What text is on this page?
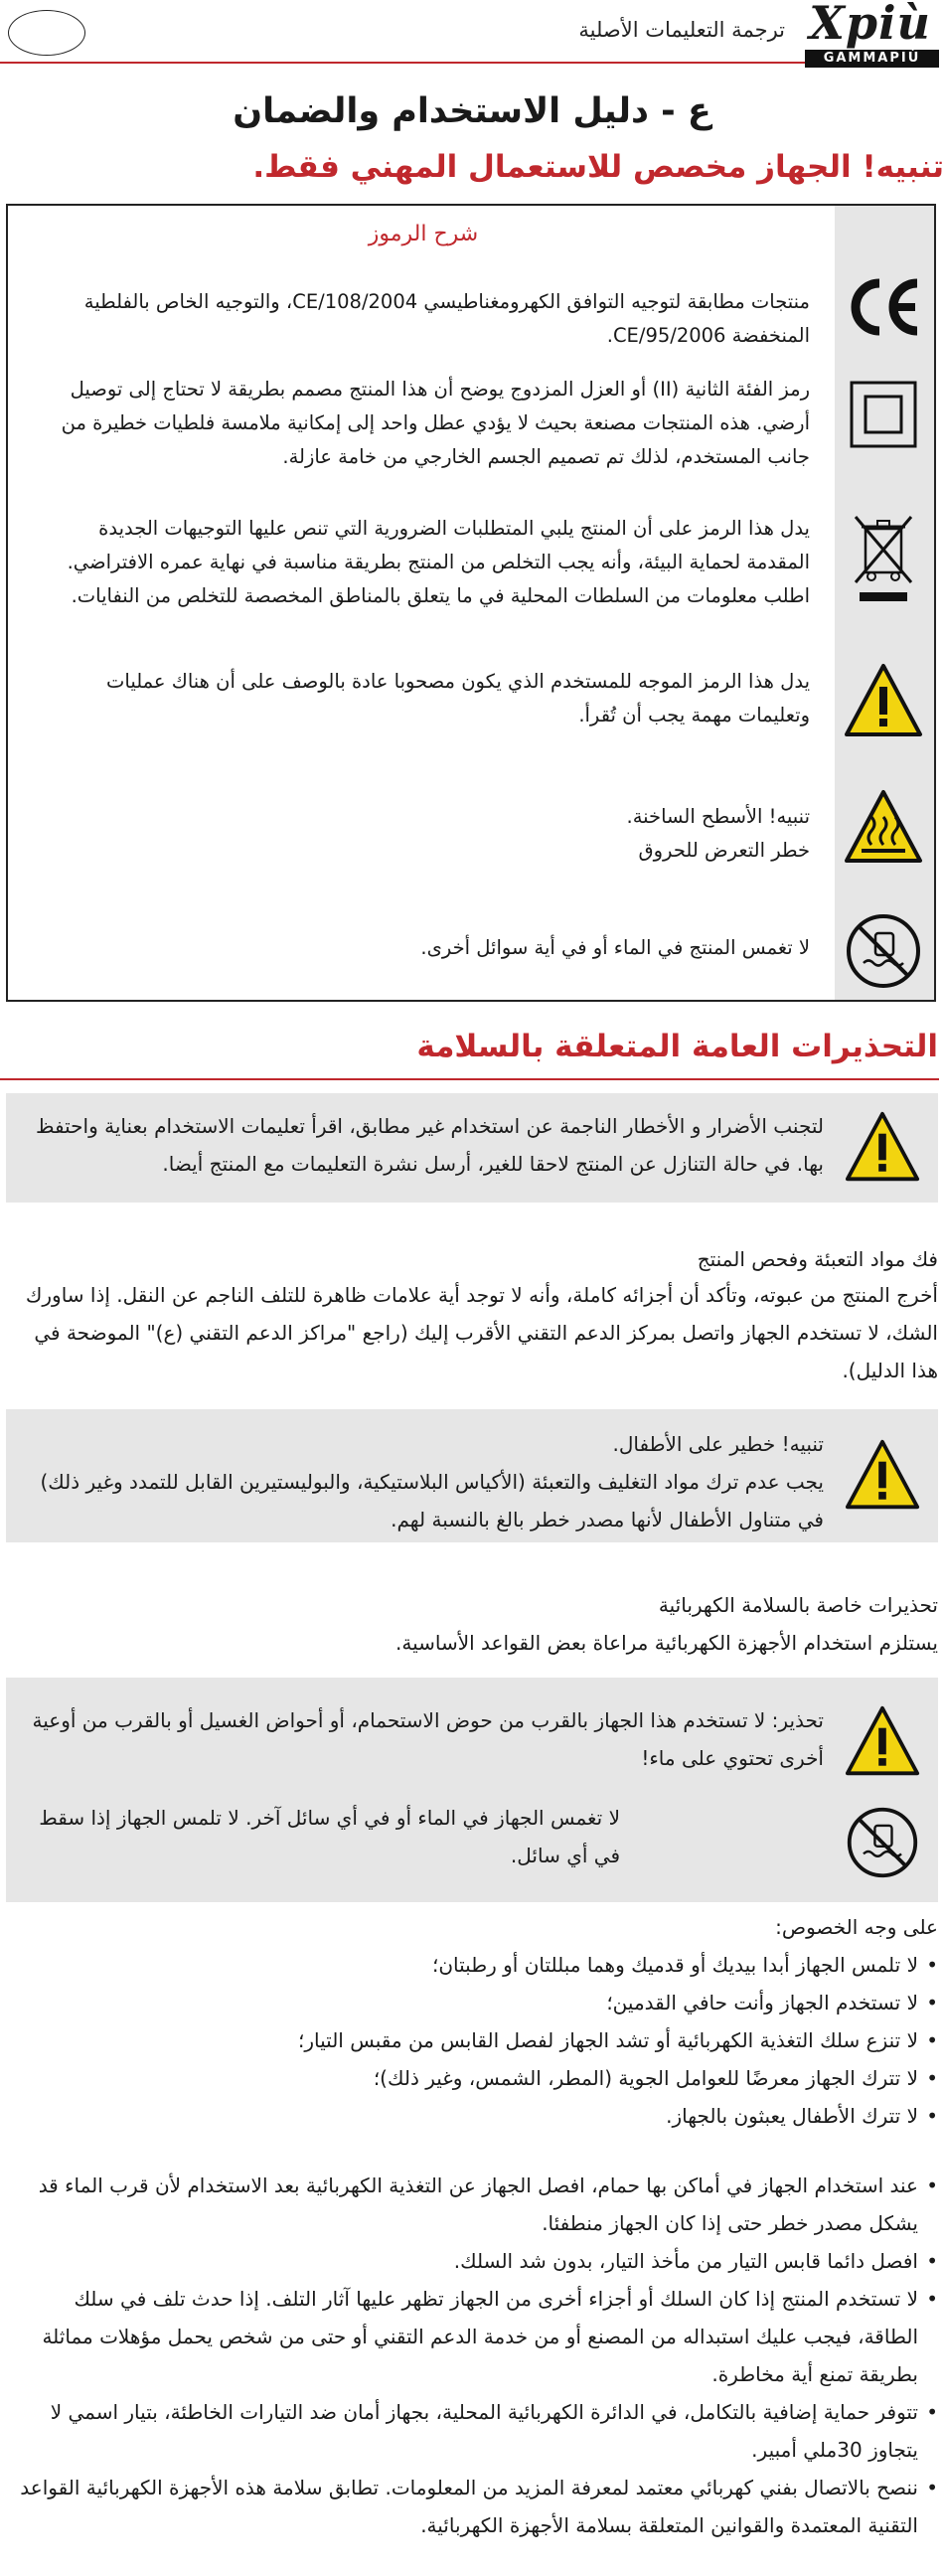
Xpiù
GAMMAPIÙ
ترجمة التعليمات الأصلية
ع - دليل الاستخدام والضمان
تنبيه! الجهاز مخصص للاستعمال المهني فقط.
شرح الرموز
منتجات مطابقة لتوجيه التوافق الكهرومغناطيسي CE/108/2004، والتوجيه الخاص بالفلطية المنخفضة CE/95/2006.
رمز الفئة الثانية (II) أو العزل المزدوج يوضح أن هذا المنتج مصمم بطريقة لا تحتاج إلى توصيل أرضي. هذه المنتجات مصنعة بحيث لا يؤدي عطل واحد إلى إمكانية ملامسة فلطيات خطيرة من جانب المستخدم، لذلك تم تصميم الجسم الخارجي من خامة عازلة.
يدل هذا الرمز على أن المنتج يلبي المتطلبات الضرورية التي تنص عليها التوجيهات الجديدة المقدمة لحماية البيئة، وأنه يجب التخلص من المنتج بطريقة مناسبة في نهاية عمره الافتراضي. اطلب معلومات من السلطات المحلية في ما يتعلق بالمناطق المخصصة للتخلص من النفايات.
يدل هذا الرمز الموجه للمستخدم الذي يكون مصحوبا عادة بالوصف على أن هناك عمليات وتعليمات مهمة يجب أن تُقرأ.
تنبيه! الأسطح الساخنة.
خطر التعرض للحروق
لا تغمس المنتج في الماء أو في أية سوائل أخرى.
التحذيرات العامة المتعلقة بالسلامة
لتجنب الأضرار و الأخطار الناجمة عن استخدام غير مطابق، اقرأ تعليمات الاستخدام بعناية واحتفظ بها. في حالة التنازل عن المنتج لاحقا للغير، أرسل نشرة التعليمات مع المنتج أيضا.
فك مواد التعبئة وفحص المنتج
أخرج المنتج من عبوته، وتأكد أن أجزائه كاملة، وأنه لا توجد أية علامات ظاهرة للتلف الناجم عن النقل. إذا ساورك الشك، لا تستخدم الجهاز واتصل بمركز الدعم التقني الأقرب إليك (راجع "مراكز الدعم التقني (ع)" الموضحة في هذا الدليل).
تنبيه! خطير على الأطفال.
يجب عدم ترك مواد التغليف والتعبئة (الأكياس البلاستيكية، والبوليستيرين القابل للتمدد وغير ذلك) في متناول الأطفال لأنها مصدر خطر بالغ بالنسبة لهم.
تحذيرات خاصة بالسلامة الكهربائية
يستلزم استخدام الأجهزة الكهربائية مراعاة بعض القواعد الأساسية.
تحذير: لا تستخدم هذا الجهاز بالقرب من حوض الاستحمام، أو أحواض الغسيل أو بالقرب من أوعية أخرى تحتوي على ماء!
لا تغمس الجهاز في الماء أو في أي سائل آخر. لا تلمس الجهاز إذا سقط في أي سائل.
على وجه الخصوص:
• لا تلمس الجهاز أبدا بيديك أو قدميك وهما مبللتان أو رطبتان؛
• لا تستخدم الجهاز وأنت حافي القدمين؛
• لا تنزع سلك التغذية الكهربائية أو تشد الجهاز لفصل القابس من مقبس التيار؛
• لا تترك الجهاز معرضًا للعوامل الجوية (المطر، الشمس، وغير ذلك)؛
• لا تترك الأطفال يعبثون بالجهاز.
• عند استخدام الجهاز في أماكن بها حمام، افصل الجهاز عن التغذية الكهربائية بعد الاستخدام لأن قرب الماء قد يشكل مصدر خطر حتى إذا كان الجهاز منطفئا.
• افصل دائما قابس التيار من مأخذ التيار، بدون شد السلك.
• لا تستخدم المنتج إذا كان السلك أو أجزاء أخرى من الجهاز تظهر عليها آثار التلف. إذا حدث تلف في سلك الطاقة، فيجب عليك استبداله من المصنع أو من خدمة الدعم التقني أو حتى من شخص يحمل مؤهلات مماثلة بطريقة تمنع أية مخاطرة.
• تتوفر حماية إضافية بالتكامل، في الدائرة الكهربائية المحلية، بجهاز أمان ضد التيارات الخاطئة، بتيار اسمي لا يتجاوز 30ملي أمبير.
• ننصح بالاتصال بفني كهربائي معتمد لمعرفة المزيد من المعلومات. تطابق سلامة هذه الأجهزة الكهربائية القواعد التقنية المعتمدة والقوانين المتعلقة بسلامة الأجهزة الكهربائية.
